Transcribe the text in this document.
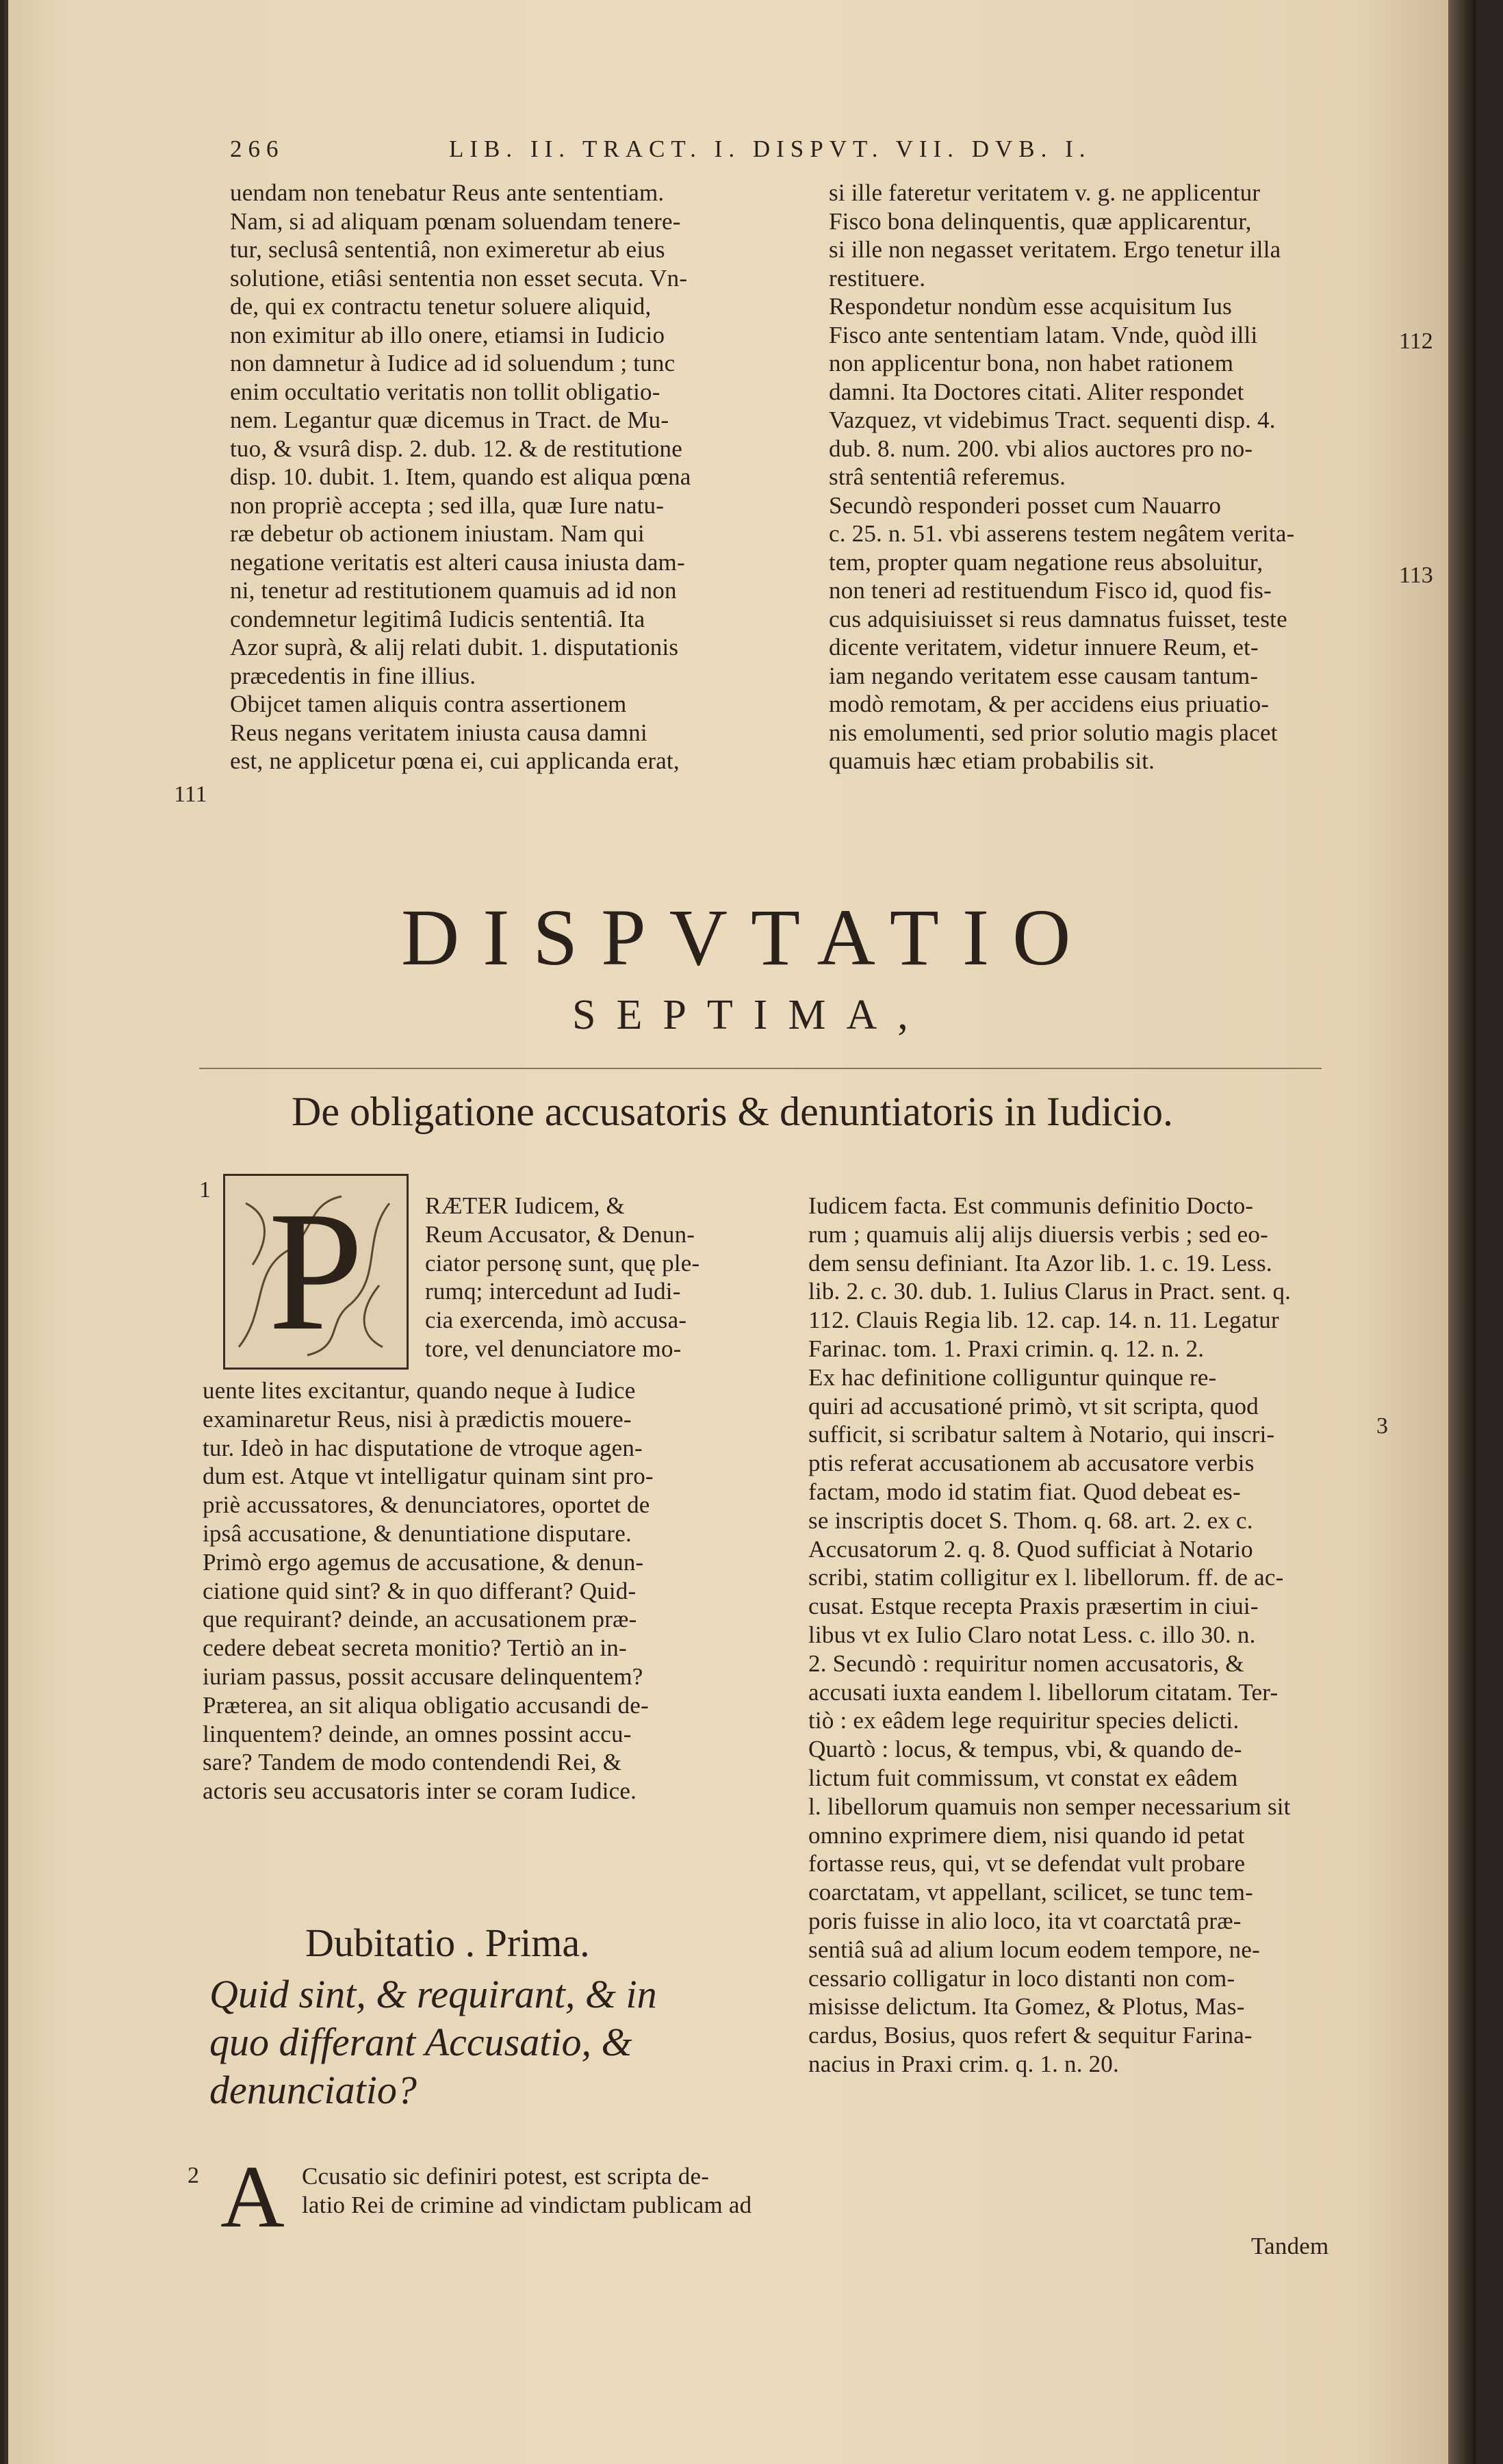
266	LIB. II. TRACT. I. DISPVT. VII. DVB. I.
uendam non tenebatur Reus ante sententiam.
Nam, si ad aliquam pœnam soluendam tenere-
tur, seclusâ sententiâ, non eximeretur ab eius
solutione, etiâsi sententia non esset secuta. Vn-
de, qui ex contractu tenetur soluere aliquid,
non eximitur ab illo onere, etiamsi in Iudicio
non damnetur à Iudice ad id soluendum ; tunc
enim occultatio veritatis non tollit obligatio-
nem. Legantur quæ dicemus in Tract. de Mu-
tuo, & vsurâ disp. 2. dub. 12. & de restitutione
disp. 10. dubit. 1. Item, quando est aliqua pœna
non propriè accepta ; sed illa, quæ Iure natu-
ræ debetur ob actionem iniustam. Nam qui
negatione veritatis est alteri causa iniusta dam-
ni, tenetur ad restitutionem quamuis ad id non
condemnetur legitimâ Iudicis sententiâ. Ita
Azor suprà, & alij relati dubit. 1. disputationis
præcedentis in fine illius.
Obijcet tamen aliquis contra assertionem
Reus negans veritatem iniusta causa damni
est, ne applicetur pœna ei, cui applicanda erat,
si ille fateretur veritatem v. g. ne applicentur
Fisco bona delinquentis, quæ applicarentur,
si ille non negasset veritatem. Ergo tenetur illa
restituere.
Respondetur nondùm esse acquisitum Ius
Fisco ante sententiam latam. Vnde, quòd illi
non applicentur bona, non habet rationem
damni. Ita Doctores citati. Aliter respondet
Vazquez, vt videbimus Tract. sequenti disp. 4.
dub. 8. num. 200. vbi alios auctores pro no-
strâ sententiâ referemus.
Secundò responderi posset cum Nauarro
c. 25. n. 51. vbi asserens testem negâtem verita-
tem, propter quam negatione reus absoluitur,
non teneri ad restituendum Fisco id, quod fis-
cus adquisiuisset si reus damnatus fuisset, teste
dicente veritatem, videtur innuere Reum, et-
iam negando veritatem esse causam tantum-
modò remotam, & per accidens eius priuatio-
nis emolumenti, sed prior solutio magis placet
quamuis hæc etiam probabilis sit.
111
112
113
1
2
3
DISPVTATIO
SEPTIMA,
De obligatione accusatoris & denuntiatoris in Iudicio.
P	RÆTER Iudicem, &
Reum Accusator, & Denun-
ciator personę sunt, quę ple-
rumq; intercedunt ad Iudi-
cia exercenda, imò accusa-
tore, vel denunciatore mo-
uente lites excitantur, quando neque à Iudice
examinaretur Reus, nisi à prædictis mouere-
tur. Ideò in hac disputatione de vtroque agen-
dum est. Atque vt intelligatur quinam sint pro-
priè accussatores, & denunciatores, oportet de
ipsâ accusatione, & denuntiatione disputare.
Primò ergo agemus de accusatione, & denun-
ciatione quid sint? & in quo differant? Quid-
que requirant? deinde, an accusationem præ-
cedere debeat secreta monitio? Tertiò an in-
iuriam passus, possit accusare delinquentem?
Præterea, an sit aliqua obligatio accusandi de-
linquentem? deinde, an omnes possint accu-
sare? Tandem de modo contendendi Rei, &
actoris seu accusatoris inter se coram Iudice.
Dubitatio . Prima.
Quid sint, & requirant, & in
quo differant Accusatio, &
denunciatio?
A Ccusatio sic definiri potest, est scripta de-
latio Rei de crimine ad vindictam publicam ad
Iudicem facta. Est communis definitio Docto-
rum ; quamuis alij alijs diuersis verbis ; sed eo-
dem sensu definiant. Ita Azor lib. 1. c. 19. Less.
lib. 2. c. 30. dub. 1. Iulius Clarus in Pract. sent. q.
112. Clauis Regia lib. 12. cap. 14. n. 11. Legatur
Farinac. tom. 1. Praxi crimin. q. 12. n. 2.
Ex hac definitione colliguntur quinque re-
quiri ad accusationé primò, vt sit scripta, quod
sufficit, si scribatur saltem à Notario, qui inscri-
ptis referat accusationem ab accusatore verbis
factam, modo id statim fiat. Quod debeat es-
se inscriptis docet S. Thom. q. 68. art. 2. ex c.
Accusatorum 2. q. 8. Quod sufficiat à Notario
scribi, statim colligitur ex l. libellorum. ff. de ac-
cusat. Estque recepta Praxis præsertim in ciui-
libus vt ex Iulio Claro notat Less. c. illo 30. n.
2. Secundò : requiritur nomen accusatoris, &
accusati iuxta eandem l. libellorum citatam. Ter-
tiò : ex eâdem lege requiritur species delicti.
Quartò : locus, & tempus, vbi, & quando de-
lictum fuit commissum, vt constat ex eâdem
l. libellorum quamuis non semper necessarium sit
omnino exprimere diem, nisi quando id petat
fortasse reus, qui, vt se defendat vult probare
coarctatam, vt appellant, scilicet, se tunc tem-
poris fuisse in alio loco, ita vt coarctatâ præ-
sentiâ suâ ad alium locum eodem tempore, ne-
cessario colligatur in loco distanti non com-
misisse delictum. Ita Gomez, & Plotus, Mas-
cardus, Bosius, quos refert & sequitur Farina-
nacius in Praxi crim. q. 1. n. 20.
Tandem
